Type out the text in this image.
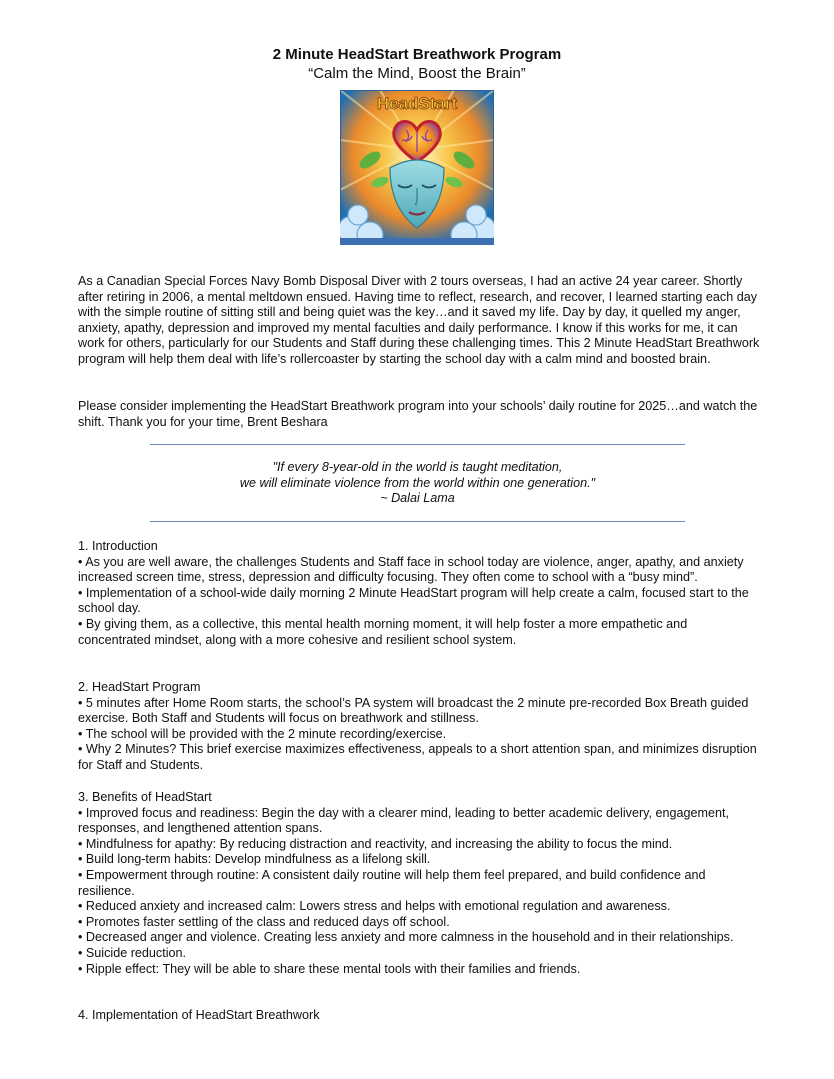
2 Minute HeadStart Breathwork Program
“Calm the Mind, Boost the Brain”
HeadStart

As a Canadian Special Forces Navy Bomb Disposal Diver with 2 tours overseas, I had an active 24 year career. Shortly after retiring in 2006, a mental meltdown ensued. Having time to reflect, research, and recover, I learned starting each day with the simple routine of sitting still and being quiet was the key…and it saved my life. Day by day, it quelled my anger, anxiety, apathy, depression and improved my mental faculties and daily performance. I know if this works for me, it can work for others, particularly for our Students and Staff during these challenging times. This 2 Minute HeadStart Breathwork program will help them deal with life’s rollercoaster by starting the school day with a calm mind and boosted brain.

Please consider implementing the HeadStart Breathwork program into your schools’ daily routine for 2025…and watch the shift. Thank you for your time, Brent Beshara

"If every 8-year-old in the world is taught meditation,
we will eliminate violence from the world within one generation."
~ Dalai Lama

1. Introduction

• As you are well aware, the challenges Students and Staff face in school today are violence, anger, apathy, and anxiety increased screen time, stress, depression and difficulty focusing. They often come to school with a “busy mind”.

• Implementation of a school-wide daily morning 2 Minute HeadStart program will help create a calm, focused start to the school day.

• By giving them, as a collective, this mental health morning moment, it will help foster a more empathetic and concentrated mindset, along with a more cohesive and resilient school system.

2. HeadStart Program

• 5 minutes after Home Room starts, the school’s PA system will broadcast the 2 minute pre-recorded Box Breath guided exercise. Both Staff and Students will focus on breathwork and stillness.

• The school will be provided with the 2 minute recording/exercise.

• Why 2 Minutes? This brief exercise maximizes effectiveness, appeals to a short attention span, and minimizes disruption for Staff and Students.

3. Benefits of HeadStart

• Improved focus and readiness: Begin the day with a clearer mind, leading to better academic delivery, engagement, responses, and lengthened attention spans.

• Mindfulness for apathy: By reducing distraction and reactivity, and increasing the ability to focus the mind.

• Build long-term habits: Develop mindfulness as a lifelong skill.

• Empowerment through routine: A consistent daily routine will help them feel prepared, and build confidence and resilience.

• Reduced anxiety and increased calm: Lowers stress and helps with emotional regulation and awareness.

• Promotes faster settling of the class and reduced days off school.

• Decreased anger and violence. Creating less anxiety and more calmness in the household and in their relationships.

• Suicide reduction.

• Ripple effect: They will be able to share these mental tools with their families and friends.

4. Implementation of HeadStart Breathwork
